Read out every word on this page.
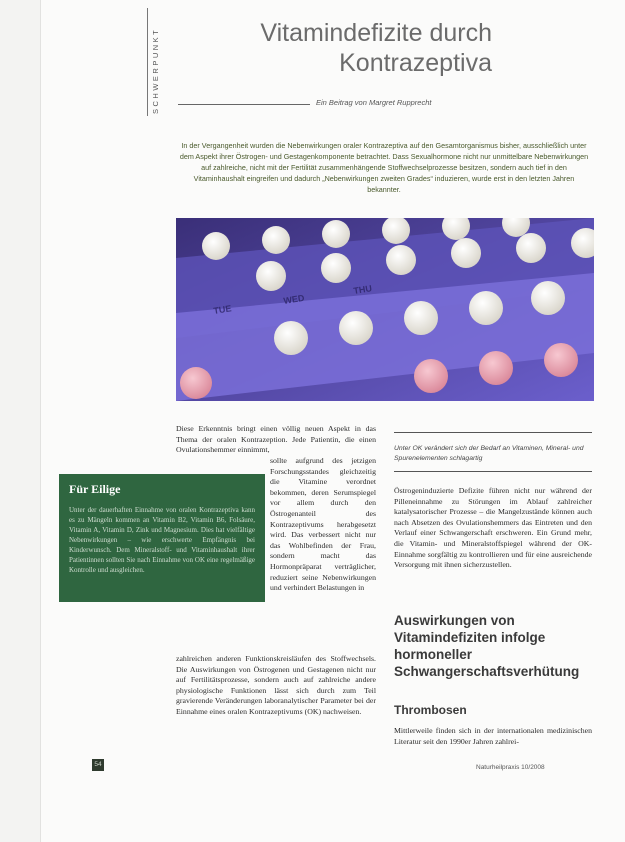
SCHWERPUNKT	Vitamindefizite durch
Kontrazeptiva
Ein Beitrag von Margret Rupprecht

In der Vergangenheit wurden die Nebenwirkungen oraler Kontrazeptiva auf den Gesamtorganismus bisher, ausschließlich unter dem Aspekt ihrer Östrogen- und Gestagenkomponente betrachtet. Dass Sexualhormone nicht nur unmittelbare Nebenwirkungen auf zahlreiche, nicht mit der Fertilität zusammenhängende Stoffwechselprozesse besitzen, sondern auch tief in den Vitaminhaushalt eingreifen und dadurch „Nebenwirkungen zweiten Grades“ induzieren, wurde erst in den letzten Jahren bekannter.

TUE
WED
THU

Diese Erkenntnis bringt einen völlig neuen Aspekt in das Thema der oralen Kontrazeption. Jede Patientin, die einen Ovulationshemmer einnimmt,

Für Eilige

Unter der dauerhaften Einnahme von oralen Kontrazeptiva kann es zu Mängeln kommen an Vitamin B2, Vitamin B6, Folsäure, Vitamin A, Vitamin D, Zink und Magnesium. Dies hat vielfältige Nebenwirkungen – wie erschwerte Empfängnis bei Kinderwunsch. Dem Mineralstoff- und Vitaminhaushalt ihrer Patientinnen sollten Sie nach Einnahme von OK eine regelmäßige Kontrolle und ausgleichen.

sollte aufgrund des jetzigen Forschungsstandes gleichzeitig die Vitamine verordnet bekommen, deren Serumspiegel vor allem durch den Östrogenanteil des Kontrazeptivums herabgesetzt wird. Das verbessert nicht nur das Wohlbefinden der Frau, sondern macht das Hormonpräparat verträglicher, reduziert seine Nebenwirkungen und verhindert Belastungen in

zahlreichen anderen Funktionskreisläufen des Stoffwechsels. Die Auswirkungen von Östrogenen und Gestagenen nicht nur auf Fertilitätsprozesse, sondern auch auf zahlreiche andere physiologische Funktionen lässt sich durch zum Teil gravierende Veränderungen laboranalytischer Parameter bei der Einnahme eines oralen Kontrazeptivums (OK) nachweisen.

Unter OK verändert sich der Bedarf an Vitaminen, Mineral- und Spurenelementen schlagartig

Östrogeninduzierte Defizite führen nicht nur während der Pilleneinnahme zu Störungen im Ablauf zahlreicher katalysatorischer Prozesse – die Mangelzustände können auch nach Absetzen des Ovulationshemmers das Eintreten und den Verlauf einer Schwangerschaft erschweren. Ein Grund mehr, die Vitamin- und Mineralstoffspiegel während der OK-Einnahme sorgfältig zu kontrollieren und für eine ausreichende Versorgung mit ihnen sicherzustellen.

Auswirkungen von Vitamindefiziten infolge hormoneller Schwangerschaftsverhütung
Thrombosen

Mittlerweile finden sich in der internationalen medizinischen Literatur seit den 1990er Jahren zahlrei-

54	Naturheilpraxis 10/2008
